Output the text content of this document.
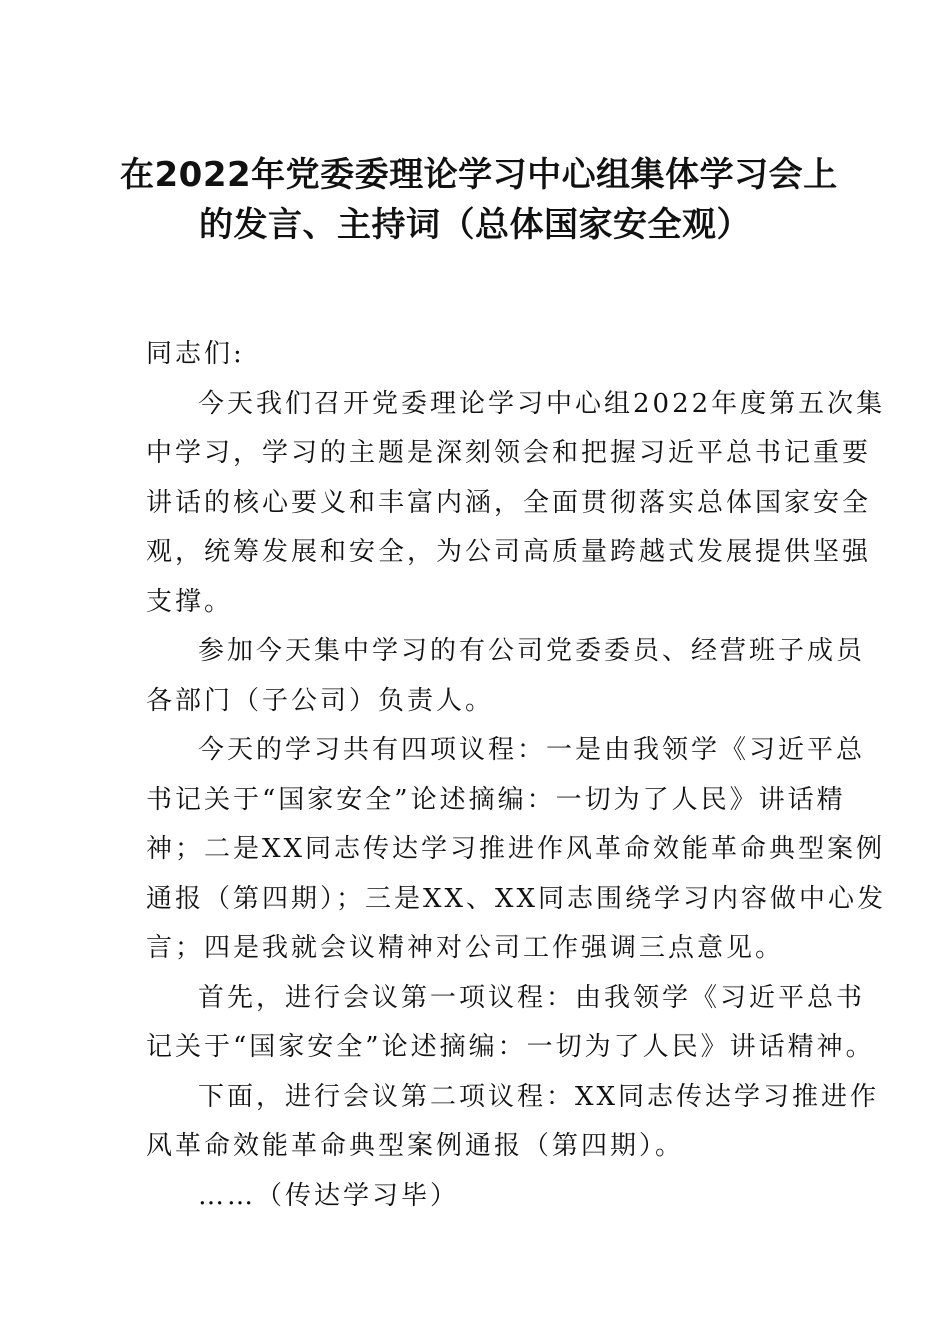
在2022年党委委理论学习中心组集体学习会上
的发言、主持词（总体国家安全观）
同志们:
今天我们召开党委理论学习中心组2022年度第五次集
中学习，学习的主题是深刻领会和把握习近平总书记重要
讲话的核心要义和丰富内涵，全面贯彻落实总体国家安全
观，统筹发展和安全，为公司高质量跨越式发展提供坚强
支撑。
参加今天集中学习的有公司党委委员、经营班子成员
各部门（子公司）负责人。
今天的学习共有四项议程：一是由我领学《习近平总
书记关于“国家安全”论述摘编：一切为了人民》讲话精
神；二是XX同志传达学习推进作风革命效能革命典型案例
通报（第四期）；三是XX、XX同志围绕学习内容做中心发
言；四是我就会议精神对公司工作强调三点意见。
首先，进行会议第一项议程：由我领学《习近平总书
记关于“国家安全”论述摘编：一切为了人民》讲话精神。
下面，进行会议第二项议程：XX同志传达学习推进作
风革命效能革命典型案例通报（第四期）。
……（传达学习毕）
